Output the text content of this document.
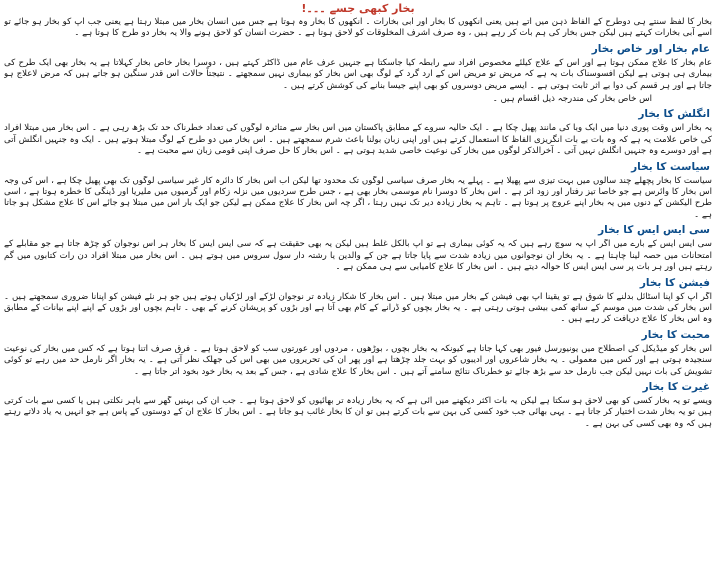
بخار کبھی جسے ۔۔۔!

بخار کا لفظ سنتے ہی دوطرح کے الفاظ ذہن میں آتے ہیں یعنی آنکھوں کا بخار اور آبی بخارات ۔ آنکھوں کا بخار وہ ہوتا ہے جس میں انسان بخار میں مبتلا رہتا ہے یعنی جب آپ کو بخار ہو جائے تو اسے آبی بخارات کہتے ہیں لیکن جس بخار کی ہم بات کر رہے ہیں ، وہ صرف اشرف المخلوقات کو لاحق ہوتا ہے ۔ حضرت انسان کو لاحق ہونے والا یہ بخار دو طرح کا ہوتا ہے ۔

عام بخار اور خاص بخار

عام بخار کا علاج ممکن ہوتا ہے اور اس کے علاج کیلئے مخصوص افراد سے رابطہ کیا جاسکتا ہے جنہیں عرف عام میں ڈاکٹر کہتے ہیں ، دوسرا بخار خاص بخار کہلاتا ہے یہ بخار بھی ایک طرح کی بیماری ہی ہوتی ہے لیکن افسوسناک بات یہ ہے کہ مریض تو مریض اس کے ارد گرد کے لوگ بھی اس بخار کو بیماری نہیں سمجھتے ۔ نتیجتاً حالات اس قدر سنگین ہو جاتے ہیں کہ مرض لاعلاج ہو جاتا ہے اور ہر قسم کی دوا بے اثر ثابت ہوتی ہے ۔ ایسے مریض دوسروں کو بھی اپنے جیسا بنانے کی کوشش کرتے ہیں ۔

اس خاص بخار کی مندرجہ ذیل اقسام ہیں ۔

انگلش کا بخار

یہ بخار اس وقت پوری دنیا میں ایک وبا کی مانند پھیل چکا ہے ۔ ایک حالیہ سروے کے مطابق پاکستان میں اس بخار سے متاثرہ لوگوں کی تعداد خطرناک حد تک بڑھ رہی ہے ۔ اس بخار میں مبتلا افراد کی خاص علامت یہ ہے کہ وہ بات بے بات انگریزی الفاظ کا استعمال کرتے ہیں اور اپنی زبان بولنا باعث شرم سمجھتے ہیں ۔ اس بخار میں دو طرح کے لوگ مبتلا ہوتے ہیں ۔ ایک وہ جنہیں انگلش آتی ہے اور دوسرے وہ جنہیں انگلش نہیں آتی ۔ آخرالذکر لوگوں میں بخار کی نوعیت خاصی شدید ہوتی ہے ۔ اس بخار کا حل صرف اپنی قومی زبان سے محبت ہے ۔

سیاست کا بخار

سیاست کا بخار پچھلے چند سالوں میں بہت تیزی سے پھیلا ہے ۔ پہلے یہ بخار صرف سیاسی لوگوں تک محدود تھا لیکن اب اس بخار کا دائرہ کار غیر سیاسی لوگوں تک بھی پھیل چکا ہے ، اس کی وجہ اس بخار کا وائرس ہے جو خاصا تیز رفتار اور زود اثر ہے ۔ اس بخار کا دوسرا نام موسمی بخار بھی ہے ، جس طرح سردیوں میں نزلہ زکام اور گرمیوں میں ملیریا اور ڈینگی کا خطرہ ہوتا ہے ، اسی طرح الیکشن کے دنوں میں یہ بخار اپنے عروج پر ہوتا ہے ۔ تاہم یہ بخار زیادہ دیر تک نہیں رہتا ، اگر چہ اس بخار کا علاج ممکن ہے لیکن جو ایک بار اس میں مبتلا ہو جائے اس کا علاج مشکل ہو جاتا ہے ۔

سی ایس ایس کا بخار

سی ایس ایس کے بارے میں اگر آپ یہ سوچ رہے ہیں کہ یہ کوئی بیماری ہے تو آپ بالکل غلط ہیں لیکن یہ بھی حقیقت ہے کہ سی ایس ایس کا بخار ہر اس نوجوان کو چڑھ جاتا ہے جو مقابلے کے امتحانات میں حصہ لینا چاہتا ہے ۔ یہ بخار ان نوجوانوں میں زیادہ شدت سے پایا جاتا ہے جن کے والدین یا رشتہ دار سول سروس میں ہوتے ہیں ۔ اس بخار میں مبتلا افراد دن رات کتابوں میں گم رہتے ہیں اور ہر بات پر سی ایس ایس کا حوالہ دیتے ہیں ۔ اس بخار کا علاج کامیابی سے ہی ممکن ہے ۔

فیشن کا بخار

اگر آپ کو اپنا اسٹائل بدلنے کا شوق ہے تو یقیناً آپ بھی فیشن کے بخار میں مبتلا ہیں ۔ اس بخار کا شکار زیادہ تر نوجوان لڑکے اور لڑکیاں ہوتے ہیں جو ہر نئے فیشن کو اپنانا ضروری سمجھتے ہیں ۔ اس بخار کی شدت میں موسم کے ساتھ کمی بیشی ہوتی رہتی ہے ۔ یہ بخار بچوں کو ڈرانے کے کام بھی آتا ہے اور بڑوں کو پریشان کرنے کے بھی ۔ تاہم بچوں اور بڑوں کے اپنے اپنے بیانات کے مطابق وہ اس بخار کا علاج دریافت کر رہے ہیں ۔

محبت کا بخار

اس بخار کو میڈیکل کی اصطلاح میں یونیورسل فیور بھی کہا جاتا ہے کیونکہ یہ بخار بچوں ، بوڑھوں ، مردوں اور عورتوں سب کو لاحق ہوتا ہے ۔ فرق صرف اتنا ہوتا ہے کہ کس میں بخار کی نوعیت سنجیدہ ہوتی ہے اور کس میں معمولی ۔ یہ بخار شاعروں اور ادیبوں کو بہت جلد چڑھتا ہے اور پھر ان کی تحریروں میں بھی اس کی جھلک نظر آتی ہے ۔ یہ بخار اگر نارمل حد میں رہے تو کوئی تشویش کی بات نہیں لیکن جب نارمل حد سے بڑھ جائے تو خطرناک نتائج سامنے آتے ہیں ۔ اس بخار کا علاج شادی ہے ، جس کے بعد یہ بخار خود بخود اتر جاتا ہے ۔

غیرت کا بخار

ویسے تو یہ بخار کسی کو بھی لاحق ہو سکتا ہے لیکن یہ بات اکثر دیکھنے میں آئی ہے کہ یہ بخار زیادہ تر بھائیوں کو لاحق ہوتا ہے ۔ جب ان کی بہنیں گھر سے باہر نکلتی ہیں یا کسی سے بات کرتی ہیں تو یہ بخار شدت اختیار کر جاتا ہے ۔ یہی بھائی جب خود کسی کی بہن سے بات کرتے ہیں تو ان کا بخار غائب ہو جاتا ہے ۔ اس بخار کا علاج ان کے دوستوں کے پاس ہے جو انہیں یہ یاد دلاتے رہتے ہیں کہ وہ بھی کسی کی بہن ہے ۔
